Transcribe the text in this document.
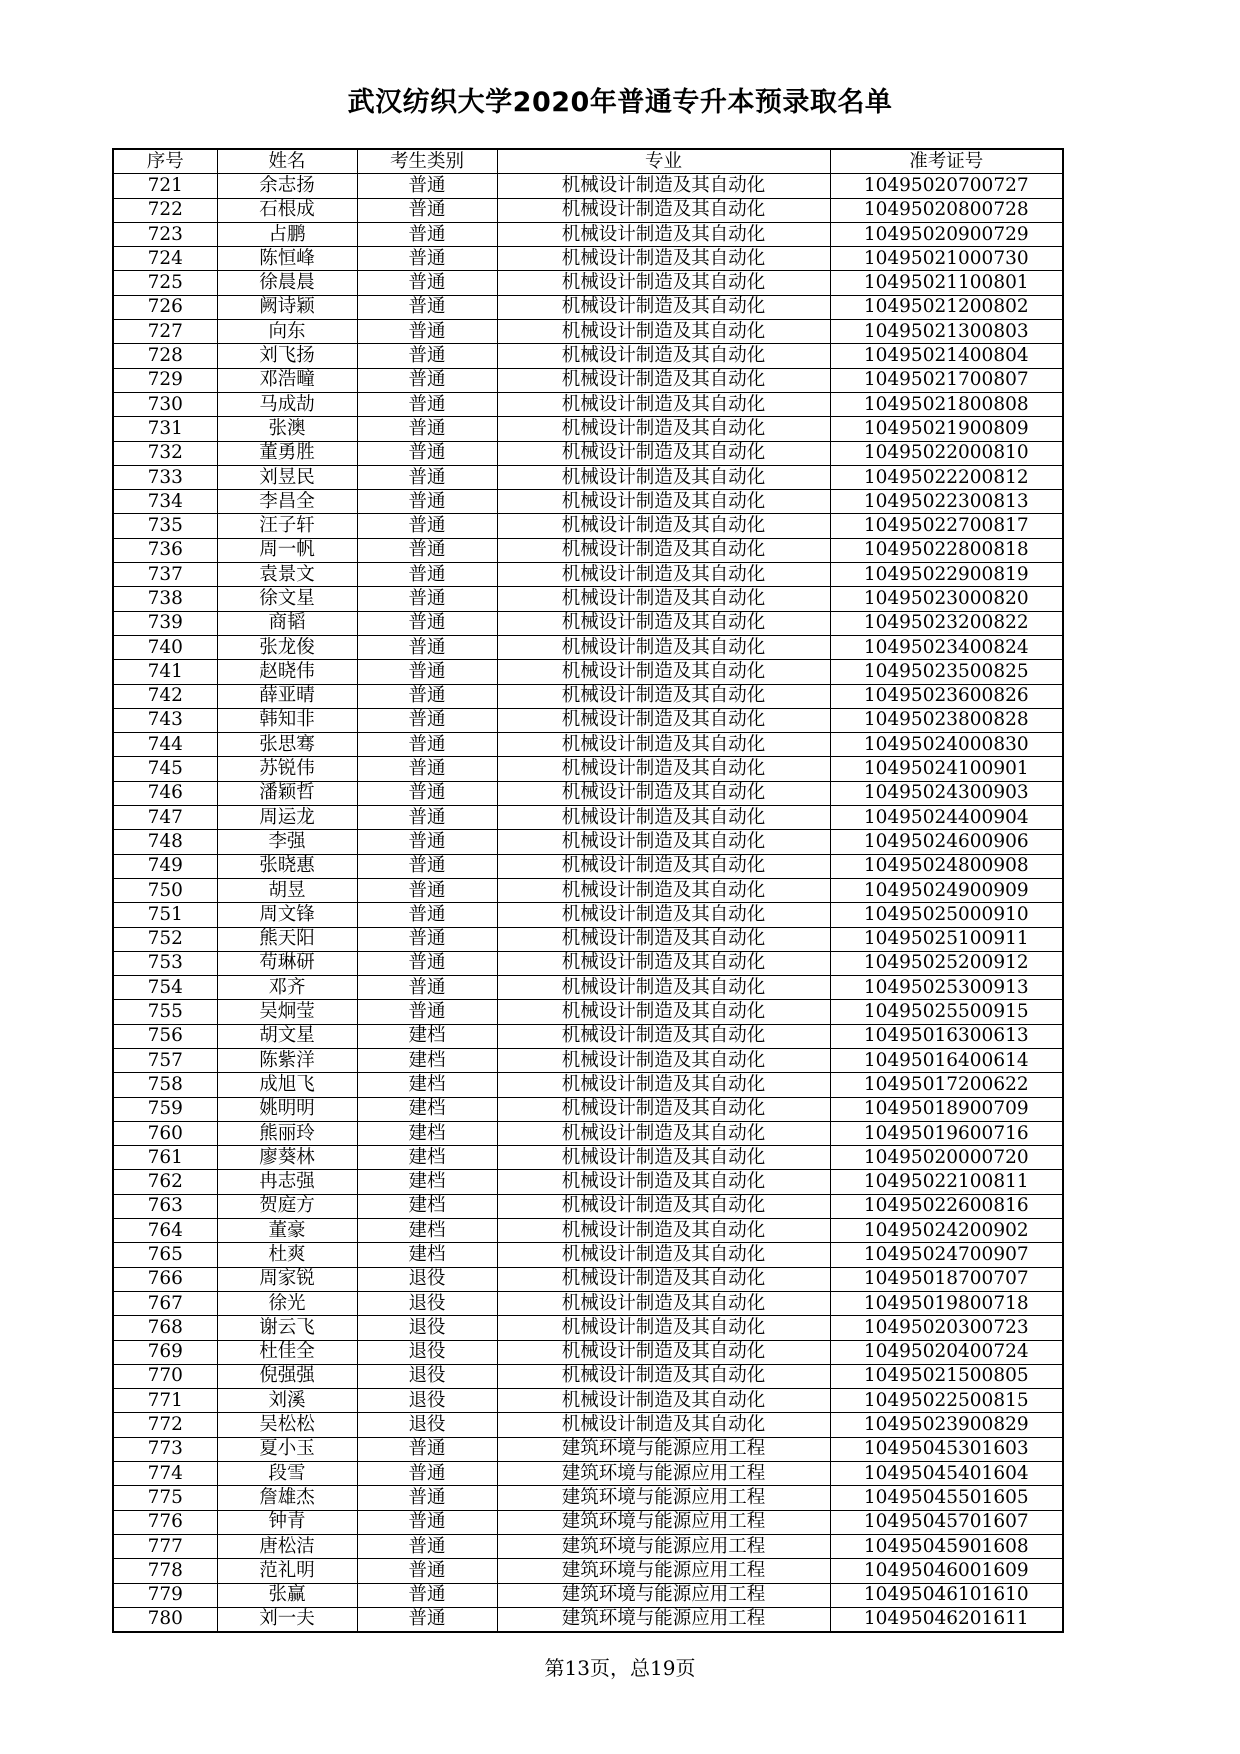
武汉纺织大学2020年普通专升本预录取名单
序号	姓名	考生类别	专业	准考证号
721	余志扬	普通	机械设计制造及其自动化	10495020700727
722	石根成	普通	机械设计制造及其自动化	10495020800728
723	占鹏	普通	机械设计制造及其自动化	10495020900729
724	陈恒峰	普通	机械设计制造及其自动化	10495021000730
725	徐晨晨	普通	机械设计制造及其自动化	10495021100801
726	阙诗颖	普通	机械设计制造及其自动化	10495021200802
727	向东	普通	机械设计制造及其自动化	10495021300803
728	刘飞扬	普通	机械设计制造及其自动化	10495021400804
729	邓浩疃	普通	机械设计制造及其自动化	10495021700807
730	马成劼	普通	机械设计制造及其自动化	10495021800808
731	张澳	普通	机械设计制造及其自动化	10495021900809
732	董勇胜	普通	机械设计制造及其自动化	10495022000810
733	刘昱民	普通	机械设计制造及其自动化	10495022200812
734	李昌全	普通	机械设计制造及其自动化	10495022300813
735	汪子轩	普通	机械设计制造及其自动化	10495022700817
736	周一帆	普通	机械设计制造及其自动化	10495022800818
737	袁景文	普通	机械设计制造及其自动化	10495022900819
738	徐文星	普通	机械设计制造及其自动化	10495023000820
739	商韬	普通	机械设计制造及其自动化	10495023200822
740	张龙俊	普通	机械设计制造及其自动化	10495023400824
741	赵晓伟	普通	机械设计制造及其自动化	10495023500825
742	薛亚晴	普通	机械设计制造及其自动化	10495023600826
743	韩知非	普通	机械设计制造及其自动化	10495023800828
744	张思骞	普通	机械设计制造及其自动化	10495024000830
745	苏锐伟	普通	机械设计制造及其自动化	10495024100901
746	潘颖哲	普通	机械设计制造及其自动化	10495024300903
747	周运龙	普通	机械设计制造及其自动化	10495024400904
748	李强	普通	机械设计制造及其自动化	10495024600906
749	张晓惠	普通	机械设计制造及其自动化	10495024800908
750	胡昱	普通	机械设计制造及其自动化	10495024900909
751	周文锋	普通	机械设计制造及其自动化	10495025000910
752	熊天阳	普通	机械设计制造及其自动化	10495025100911
753	苟琳研	普通	机械设计制造及其自动化	10495025200912
754	邓齐	普通	机械设计制造及其自动化	10495025300913
755	吴炯莹	普通	机械设计制造及其自动化	10495025500915
756	胡文星	建档	机械设计制造及其自动化	10495016300613
757	陈紫洋	建档	机械设计制造及其自动化	10495016400614
758	成旭飞	建档	机械设计制造及其自动化	10495017200622
759	姚明明	建档	机械设计制造及其自动化	10495018900709
760	熊丽玲	建档	机械设计制造及其自动化	10495019600716
761	廖葵林	建档	机械设计制造及其自动化	10495020000720
762	冉志强	建档	机械设计制造及其自动化	10495022100811
763	贺庭方	建档	机械设计制造及其自动化	10495022600816
764	董豪	建档	机械设计制造及其自动化	10495024200902
765	杜爽	建档	机械设计制造及其自动化	10495024700907
766	周家锐	退役	机械设计制造及其自动化	10495018700707
767	徐光	退役	机械设计制造及其自动化	10495019800718
768	谢云飞	退役	机械设计制造及其自动化	10495020300723
769	杜佳全	退役	机械设计制造及其自动化	10495020400724
770	倪强强	退役	机械设计制造及其自动化	10495021500805
771	刘溪	退役	机械设计制造及其自动化	10495022500815
772	吴松松	退役	机械设计制造及其自动化	10495023900829
773	夏小玉	普通	建筑环境与能源应用工程	10495045301603
774	段雪	普通	建筑环境与能源应用工程	10495045401604
775	詹雄杰	普通	建筑环境与能源应用工程	10495045501605
776	钟青	普通	建筑环境与能源应用工程	10495045701607
777	唐松洁	普通	建筑环境与能源应用工程	10495045901608
778	范礼明	普通	建筑环境与能源应用工程	10495046001609
779	张赢	普通	建筑环境与能源应用工程	10495046101610
780	刘一夫	普通	建筑环境与能源应用工程	10495046201611
第13页，总19页
